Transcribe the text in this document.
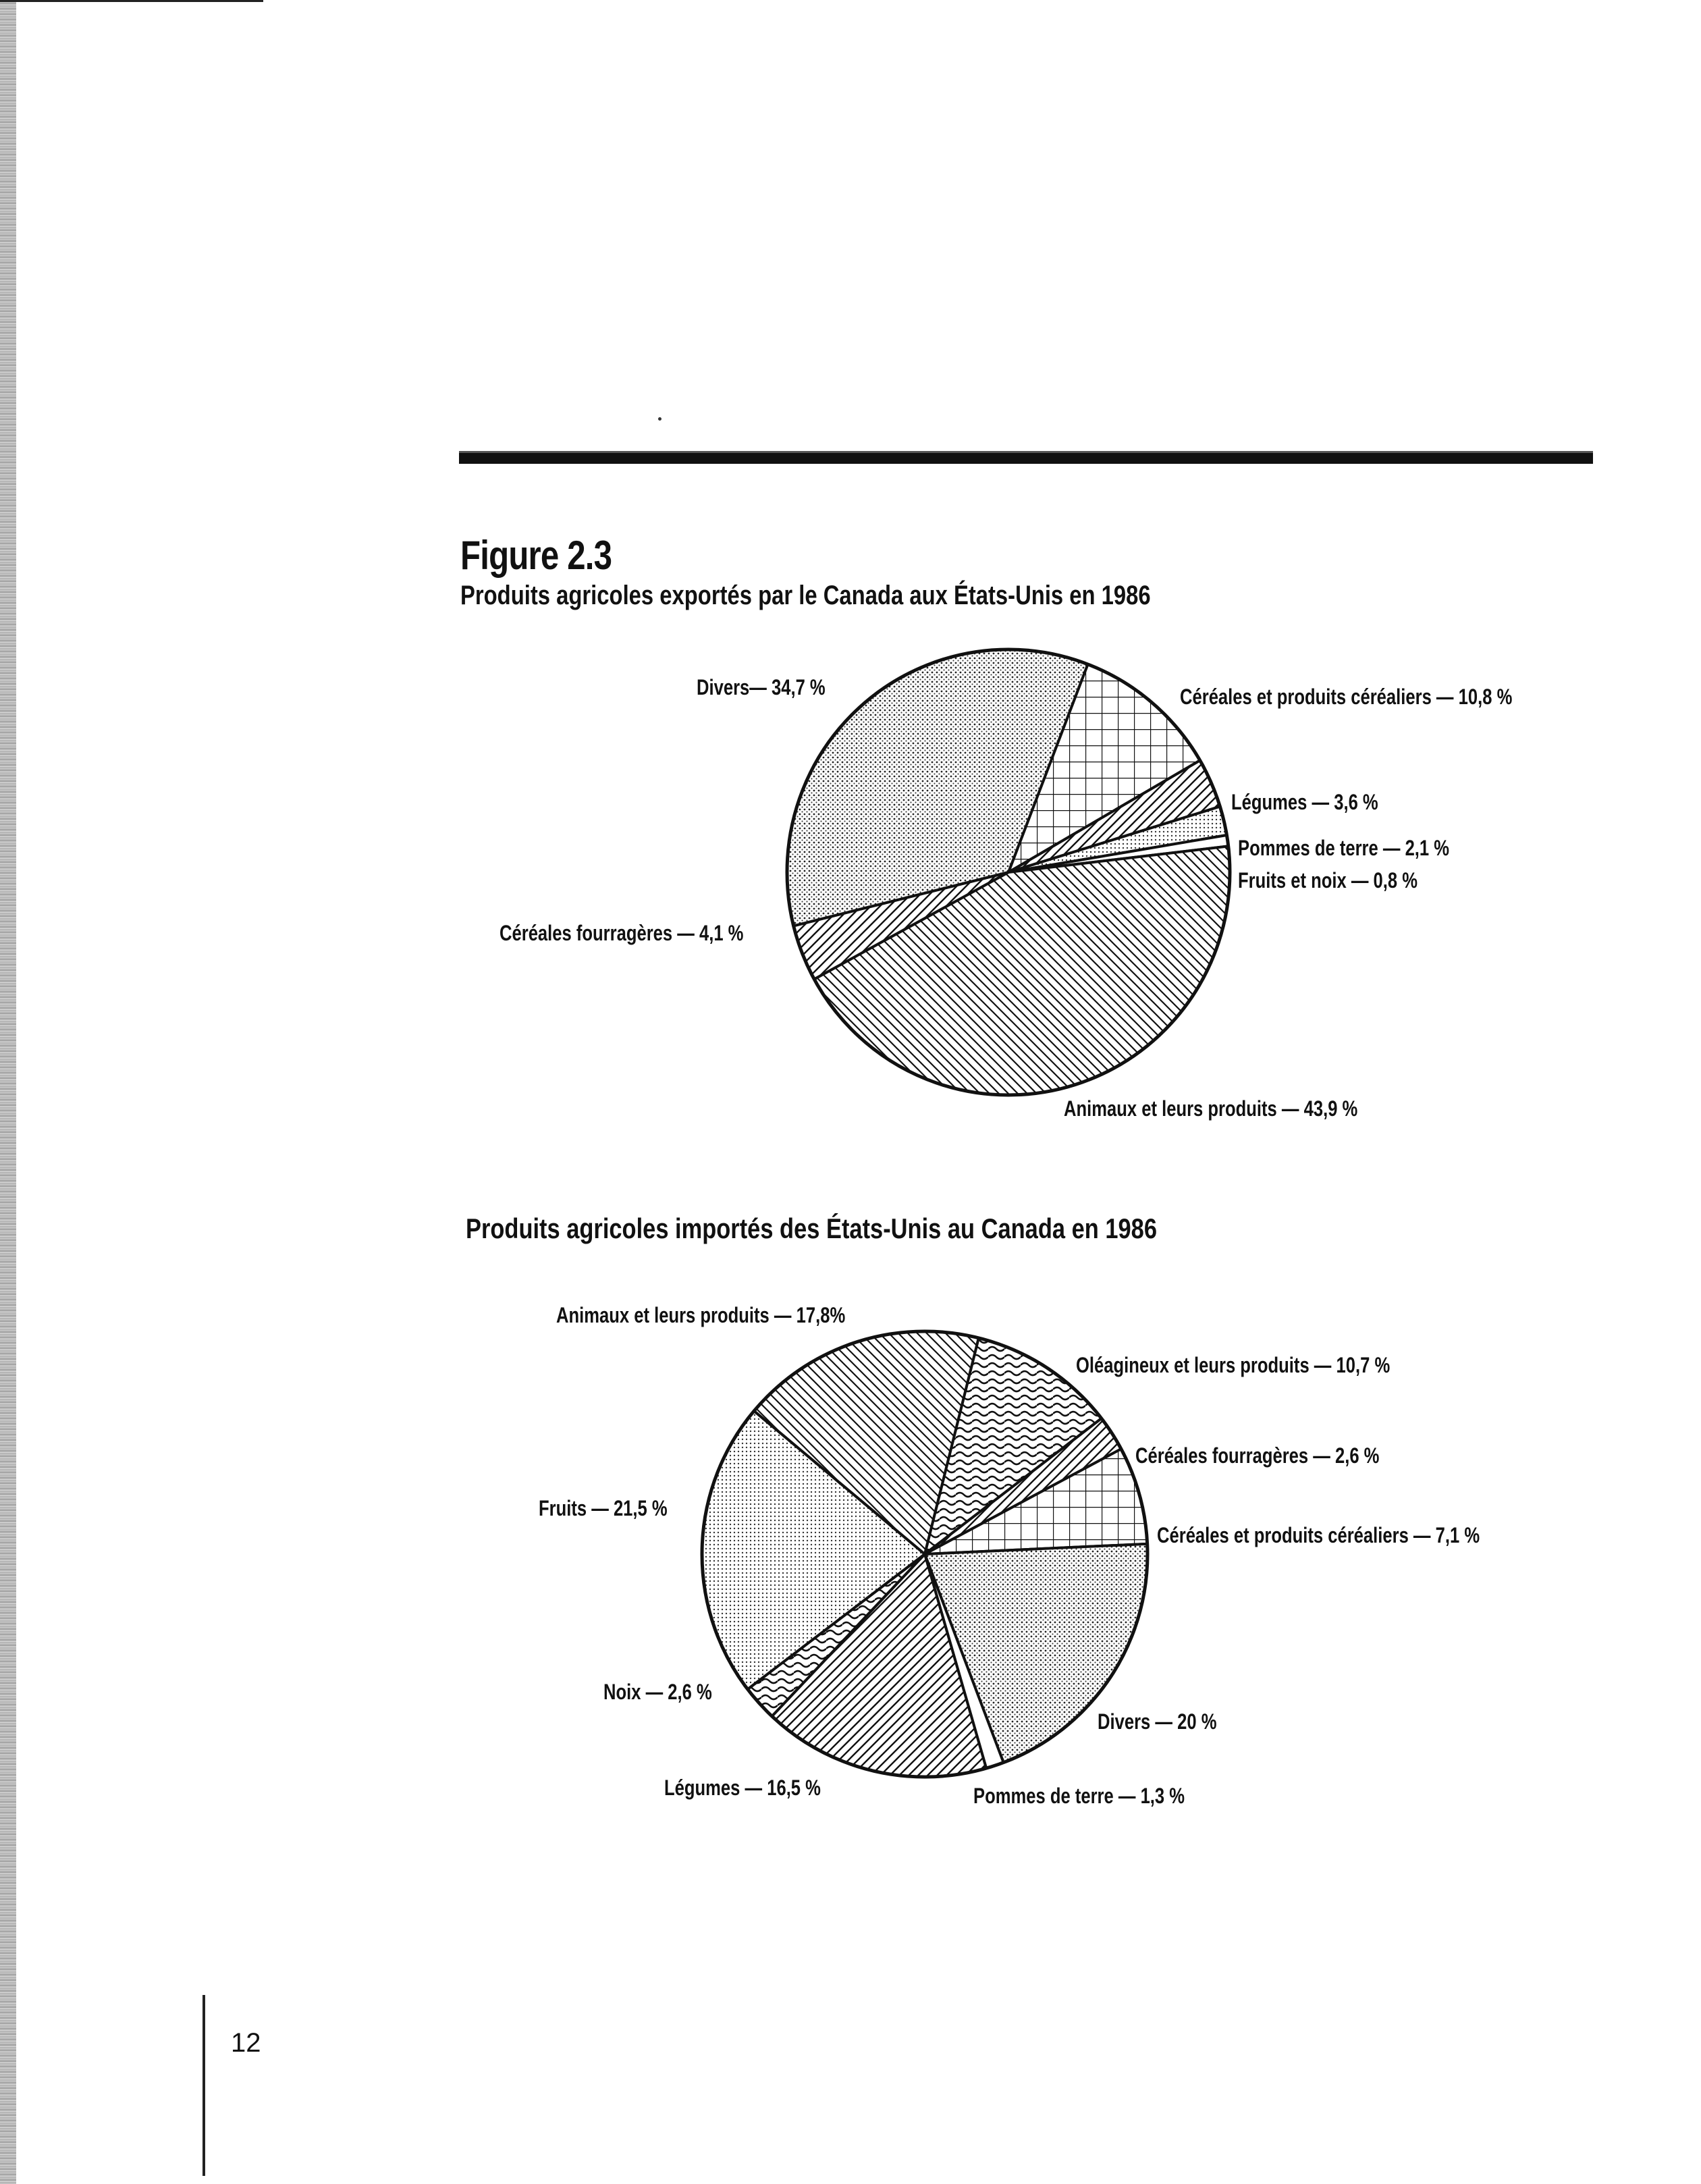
Figure 2.3
Produits agricoles exportés par le Canada aux États-Unis en 1986
Divers— 34,7 %	Céréales et produits céréaliers — 10,8 %
Légumes — 3,6 %
Pommes de terre — 2,1 %
Fruits et noix — 0,8 %
Céréales fourragères — 4,1 %
Animaux et leurs produits — 43,9 %
Produits agricoles importés des États-Unis au Canada en 1986
Animaux et leurs produits — 17,8%
Oléagineux et leurs produits — 10,7 %
Céréales fourragères — 2,6 %
Fruits — 21,5 %
Céréales et produits céréaliers — 7,1 %
Noix — 2,6 %
Divers — 20 %
Légumes — 16,5 %	Pommes de terre — 1,3 %
12
